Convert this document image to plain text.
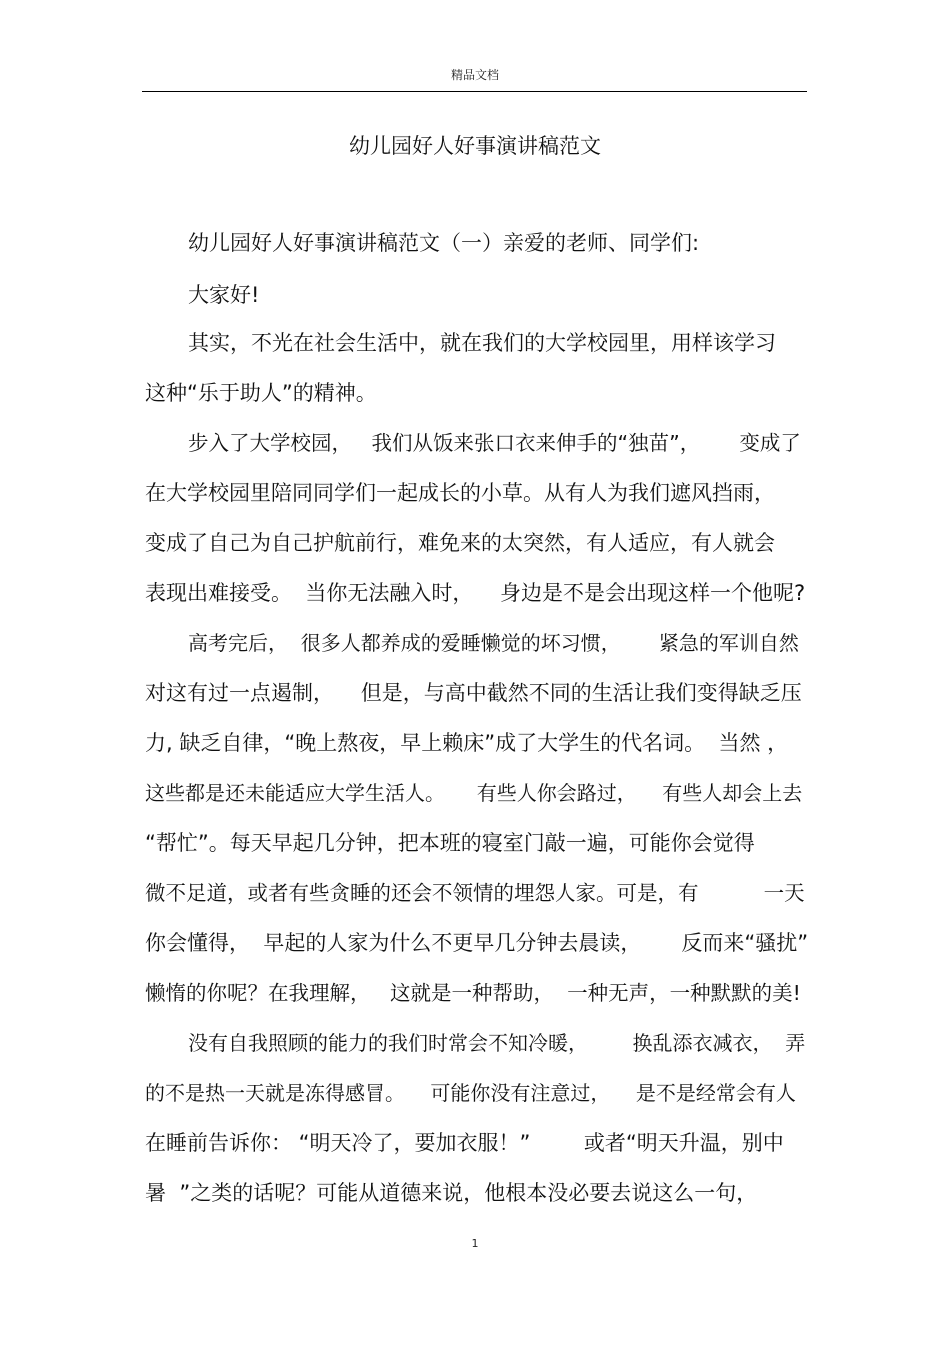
精品文档
幼儿园好人好事演讲稿范文
幼儿园好人好事演讲稿范文（一）亲爱的老师、同学们:
大家好!
其实，不光在社会生活中，就在我们的大学校园里，用样该学习
这种“乐于助人”的精神。
步入了大学校园，   我们从饭来张口衣来伸手的“独苗”，      变成了
在大学校园里陪同同学们一起成长的小草。从有人为我们遮风挡雨，
变成了自己为自己护航前行，难免来的太突然，有人适应，有人就会
表现出难接受。  当你无法融入时，    身边是不是会出现这样一个他呢?
高考完后，  很多人都养成的爱睡懒觉的坏习惯，      紧急的军训自然
对这有过一点遏制，    但是，与高中截然不同的生活让我们变得缺乏压
力, 缺乏自律，“晚上熬夜，早上赖床”成了大学生的代名词。  当然 ，
这些都是还未能适应大学生活人。     有些人你会路过，    有些人却会上去
“帮忙”。每天早起几分钟，把本班的寝室门敲一遍，可能你会觉得
微不足道，或者有些贪睡的还会不领情的埋怨人家。可是，有          一天
你会懂得，  早起的人家为什么不更早几分钟去晨读，      反而来“骚扰”
懒惰的你呢？在我理解，   这就是一种帮助，  一种无声，一种默默的美!
没有自我照顾的能力的我们时常会不知冷暖，       换乱添衣减衣，  弄
的不是热一天就是冻得感冒。    可能你没有注意过，    是不是经常会有人
在睡前告诉你： “明天冷了，要加衣服！”        或者“明天升温，别中
暑  ”之类的话呢？可能从道德来说，他根本没必要去说这么一句，
1
